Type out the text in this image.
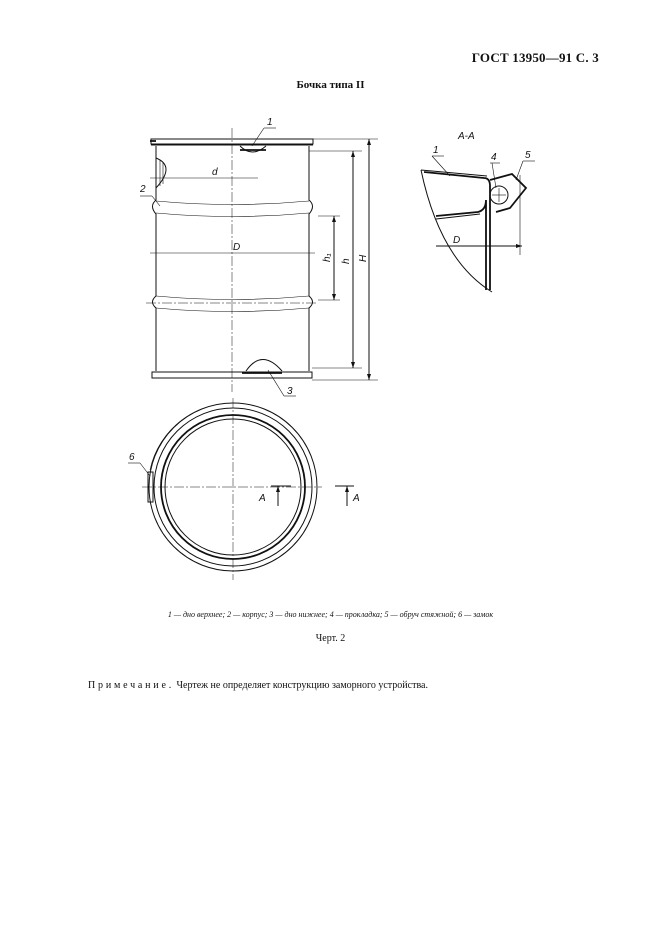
ГОСТ 13950—91 С. 3
Бочка типа II
1
2
3
d
D
h₁ h H
А-А
1
4	5
D
6
А	А
1 — дно верхнее; 2 — корпус; 3 — дно нижнее; 4 — прокладка; 5 — обруч стяжной; 6 — замок
Черт. 2
Примечание. Чертеж не определяет конструкцию заморного устройства.
